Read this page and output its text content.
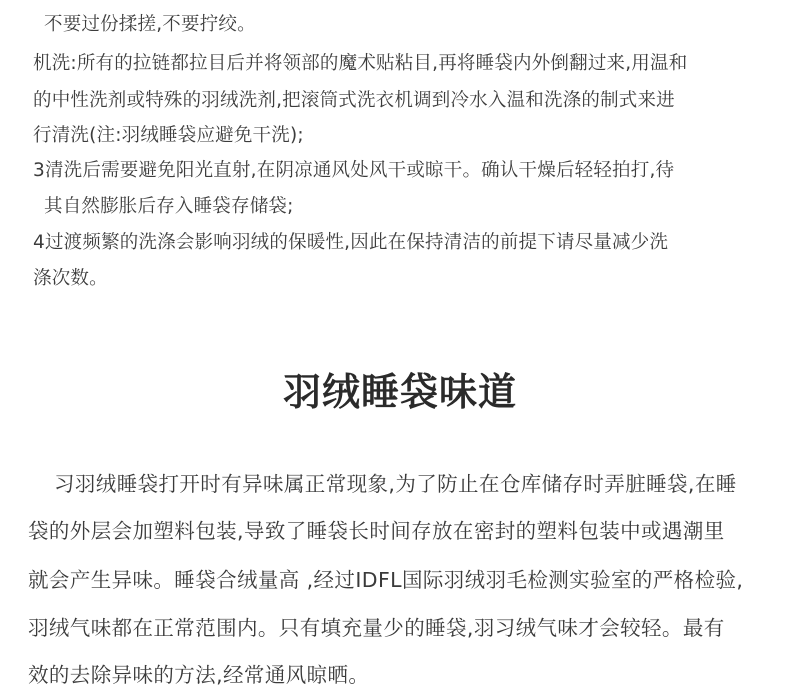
不要过份揉搓,不要拧绞。
机洗:所有的拉链都拉目后并将领部的魔术贴粘目,再将睡袋内外倒翻过来,用温和
的中性洗剂或特殊的羽绒洗剂,把滚筒式洗衣机调到冷水入温和洗涤的制式来进
行清洗(注:羽绒睡袋应避免干洗);
3清洗后需要避免阳光直射,在阴凉通风处风干或晾干。确认干燥后轻轻拍打,待
其自然膨胀后存入睡袋存储袋;
4过渡频繁的洗涤会影响羽绒的保暖性,因此在保持清洁的前提下请尽量减少洗
涤次数。
羽绒睡袋味道
习羽绒睡袋打开时有异味属正常现象,为了防止在仓库储存时弄脏睡袋,在睡
袋的外层会加塑料包装,导致了睡袋长时间存放在密封的塑料包装中或遇潮里
就会产生异味。睡袋合绒量高 ,经过IDFL国际羽绒羽毛检测实验室的严格检验,
羽绒气味都在正常范围内。只有填充量少的睡袋,羽习绒气味才会较轻。最有
效的去除异味的方法,经常通风晾晒。
